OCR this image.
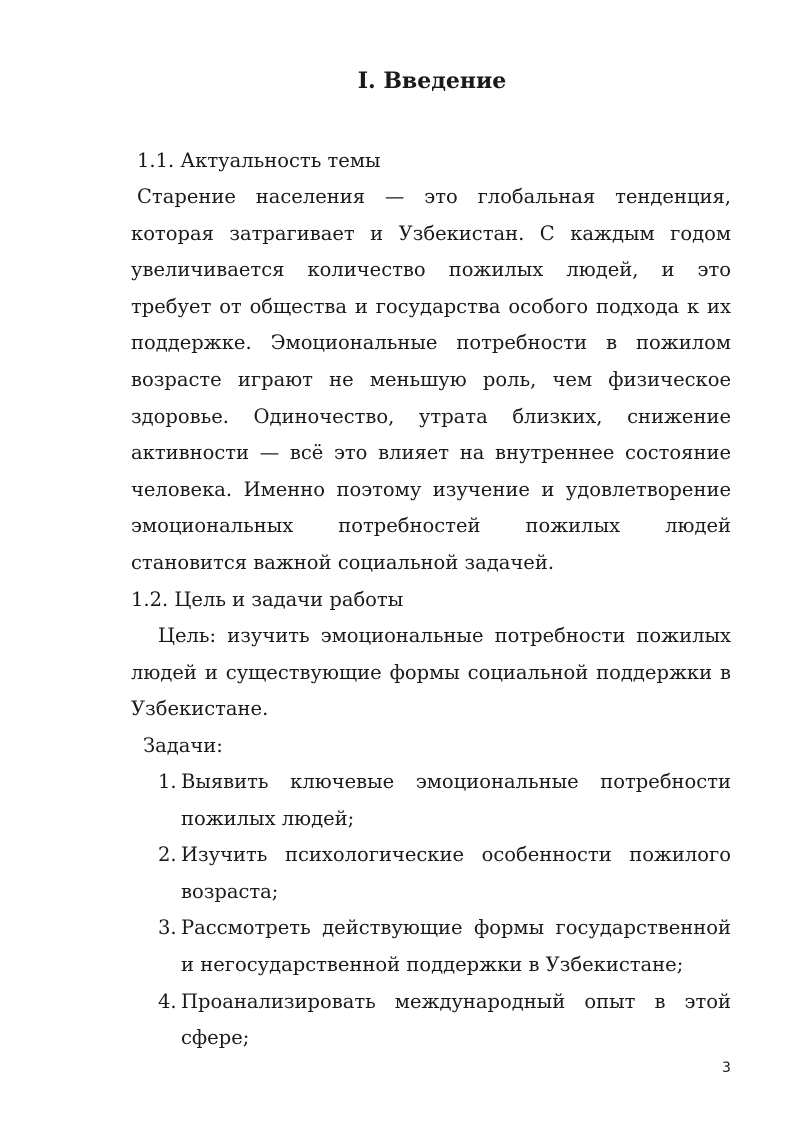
I. Введение
1.1. Актуальность темы
Старение населения — это глобальная тенденция, которая затрагивает и Узбекистан. С каждым годом увеличивается количество пожилых людей, и это требует от общества и государства особого подхода к их поддержке. Эмоциональные потребности в пожилом возрасте играют не меньшую роль, чем физическое здоровье. Одиночество, утрата близких, снижение активности — всё это влияет на внутреннее состояние человека. Именно поэтому изучение и удовлетворение эмоциональных потребностей пожилых людей становится важной социальной задачей.
1.2. Цель и задачи работы
Цель: изучить эмоциональные потребности пожилых людей и существующие формы социальной поддержки в Узбекистане.
Задачи:
1. Выявить ключевые эмоциональные потребности пожилых людей;
2. Изучить психологические особенности пожилого возраста;
3. Рассмотреть действующие формы государственной и негосударственной поддержки в Узбекистане;
4. Проанализировать международный опыт в этой сфере;
3
